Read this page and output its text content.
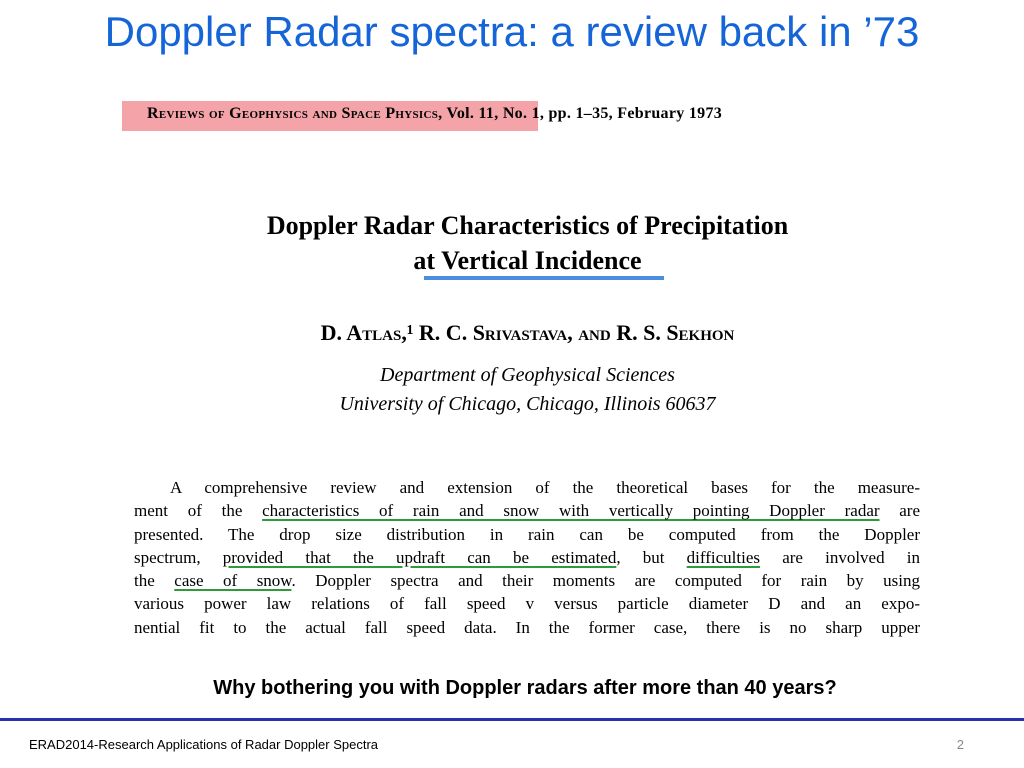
Doppler Radar spectra: a review back in ’73
Reviews of Geophysics and Space Physics, Vol. 11, No. 1, pp. 1–35, February 1973
Doppler Radar Characteristics of Precipitation
at Vertical Incidence
D. Atlas,¹ R. C. Srivastava, and R. S. Sekhon
Department of Geophysical Sciences
University of Chicago, Chicago, Illinois 60637
A comprehensive review and extension of the theoretical bases for the measure-
ment of the characteristics of rain and snow with vertically pointing Doppler radar are
presented. The drop size distribution in rain can be computed from the Doppler
spectrum, provided that the updraft can be estimated, but difficulties are involved in
the case of snow. Doppler spectra and their moments are computed for rain by using
various power law relations of fall speed v versus particle diameter D and an expo-
nential fit to the actual fall speed data. In the former case, there is no sharp upper
Why bothering you with Doppler radars after more than 40 years?
ERAD2014-Research Applications of Radar Doppler Spectra	2
